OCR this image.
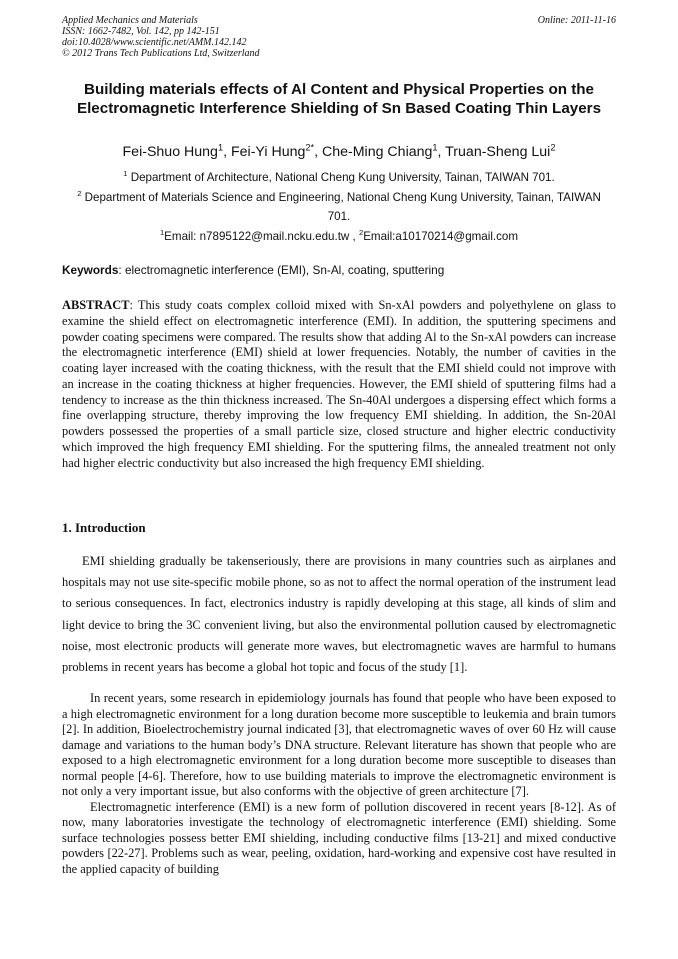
Applied Mechanics and Materials
ISSN: 1662-7482, Vol. 142, pp 142-151
doi:10.4028/www.scientific.net/AMM.142.142
© 2012 Trans Tech Publications Ltd, Switzerland
Online: 2011-11-16
Building materials effects of Al Content and Physical Properties on the Electromagnetic Interference Shielding of Sn Based Coating Thin Layers
Fei-Shuo Hung$^1$, Fei-Yi Hung$^{2*}$, Che-Ming Chiang$^1$, Truan-Sheng Lui$^2$
$^1$ Department of Architecture, National Cheng Kung University, Tainan, TAIWAN 701.
$^2$ Department of Materials Science and Engineering, National Cheng Kung University, Tainan, TAIWAN 701.
$^1$Email: n7895122@mail.ncku.edu.tw , $^2$Email:a10170214@gmail.com
Keywords: electromagnetic interference (EMI), Sn-Al, coating, sputtering
ABSTRACT: This study coats complex colloid mixed with Sn-xAl powders and polyethylene on glass to examine the shield effect on electromagnetic interference (EMI). In addition, the sputtering specimens and powder coating specimens were compared. The results show that adding Al to the Sn-xAl powders can increase the electromagnetic interference (EMI) shield at lower frequencies. Notably, the number of cavities in the coating layer increased with the coating thickness, with the result that the EMI shield could not improve with an increase in the coating thickness at higher frequencies. However, the EMI shield of sputtering films had a tendency to increase as the thin thickness increased. The Sn-40Al undergoes a dispersing effect which forms a fine overlapping structure, thereby improving the low frequency EMI shielding. In addition, the Sn-20Al powders possessed the properties of a small particle size, closed structure and higher electric conductivity which improved the high frequency EMI shielding. For the sputtering films, the annealed treatment not only had higher electric conductivity but also increased the high frequency EMI shielding.
1. Introduction

EMI shielding gradually be takenseriously, there are provisions in many countries such as airplanes and hospitals may not use site-specific mobile phone, so as not to affect the normal operation of the instrument lead to serious consequences. In fact, electronics industry is rapidly developing at this stage, all kinds of slim and light device to bring the 3C convenient living, but also the environmental pollution caused by electromagnetic noise, most electronic products will generate more waves, but electromagnetic waves are harmful to humans problems in recent years has become a global hot topic and focus of the study [1].

In recent years, some research in epidemiology journals has found that people who have been exposed to a high electromagnetic environment for a long duration become more susceptible to leukemia and brain tumors [2]. In addition, Bioelectrochemistry journal indicated [3], that electromagnetic waves of over 60 Hz will cause damage and variations to the human body’s DNA structure. Relevant literature has shown that people who are exposed to a high electromagnetic environment for a long duration become more susceptible to diseases than normal people [4-6]. Therefore, how to use building materials to improve the electromagnetic environment is not only a very important issue, but also conforms with the objective of green architecture [7].

Electromagnetic interference (EMI) is a new form of pollution discovered in recent years [8-12]. As of now, many laboratories investigate the technology of electromagnetic interference (EMI) shielding. Some surface technologies possess better EMI shielding, including conductive films [13-21] and mixed conductive powders [22-27]. Problems such as wear, peeling, oxidation, hard-working and expensive cost have resulted in the applied capacity of building
